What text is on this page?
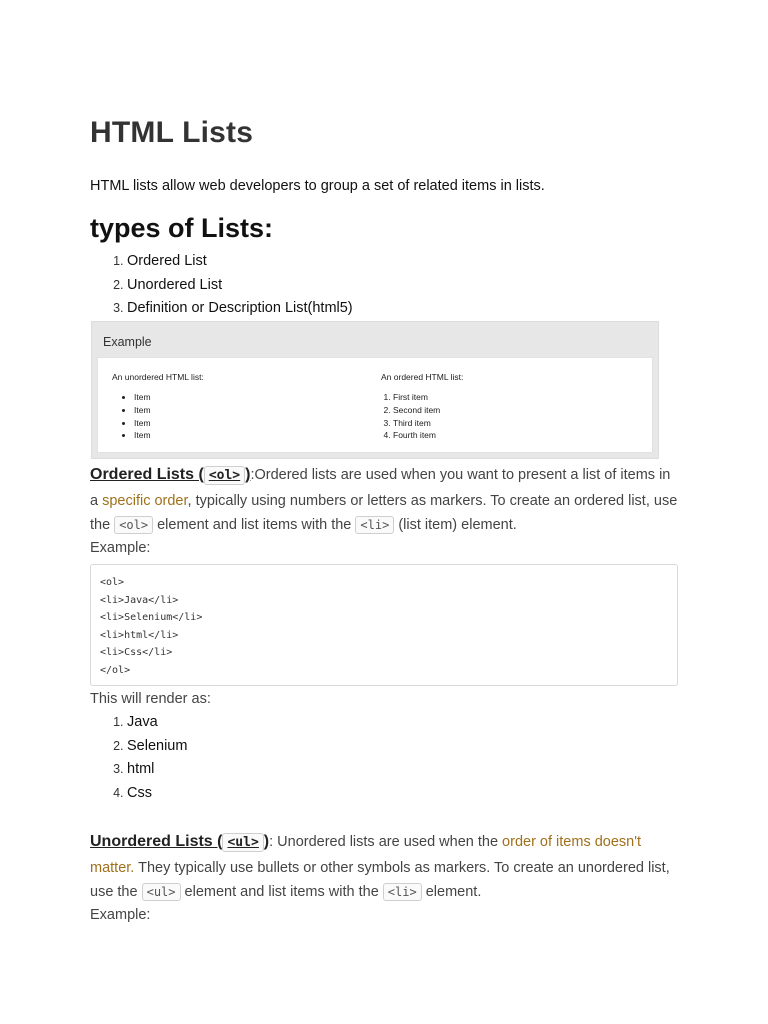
HTML Lists

HTML lists allow web developers to group a set of related items in lists.

types of Lists:
1. Ordered List
2. Unordered List
3. Definition or Description List(html5)
Example

An unordered HTML list:

• Item
• Item
• Item
• Item

An ordered HTML list:

1. First item
2. Second item
3. Third item
4. Fourth item

Ordered Lists ( <ol> ):Ordered lists are used when you want to present a list of items in a specific order, typically using numbers or letters as markers. To create an ordered list, use the <ol> element and list items with the <li> (list item) element.

Example:

<ol>
<li>Java</li>
<li>Selenium</li>
<li>html</li>
<li>Css</li>
</ol>

This will render as:

1. Java
2. Selenium
3. html
4. Css

Unordered Lists ( <ul> ): Unordered lists are used when the order of items doesn't matter. They typically use bullets or other symbols as markers. To create an unordered list, use the <ul> element and list items with the <li> element.

Example:
